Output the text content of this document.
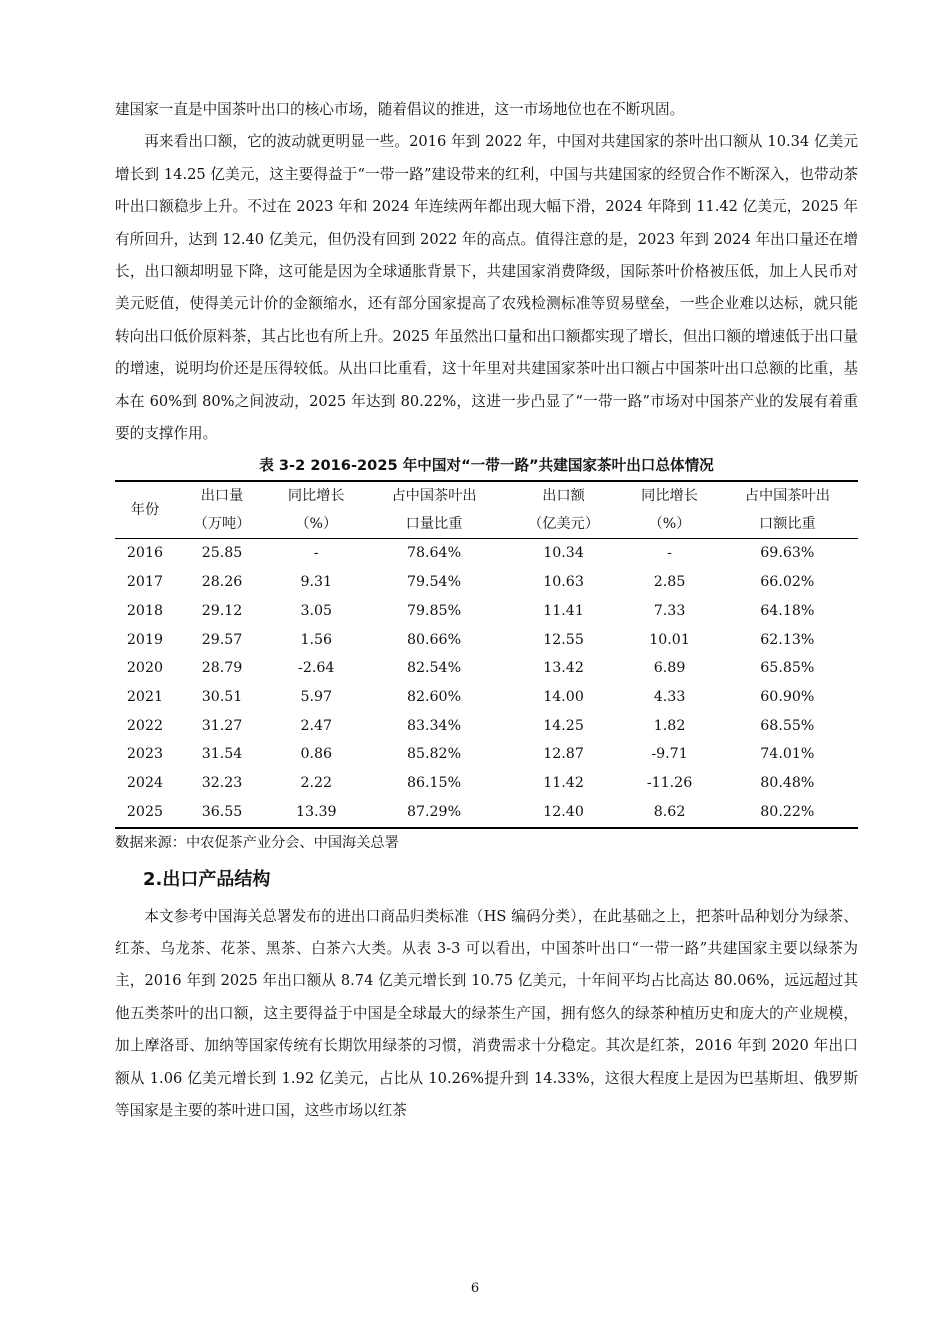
建国家一直是中国茶叶出口的核心市场，随着倡议的推进，这一市场地位也在不断巩固。

再来看出口额，它的波动就更明显一些。2016 年到 2022 年，中国对共建国家的茶叶出口额从 10.34 亿美元增长到 14.25 亿美元，这主要得益于“一带一路”建设带来的红利，中国与共建国家的经贸合作不断深入，也带动茶叶出口额稳步上升。不过在 2023 年和 2024 年连续两年都出现大幅下滑，2024 年降到 11.42 亿美元，2025 年有所回升，达到 12.40 亿美元，但仍没有回到 2022 年的高点。值得注意的是，2023 年到 2024 年出口量还在增长，出口额却明显下降，这可能是因为全球通胀背景下，共建国家消费降级，国际茶叶价格被压低，加上人民币对美元贬值，使得美元计价的金额缩水，还有部分国家提高了农残检测标准等贸易壁垒，一些企业难以达标，就只能转向出口低价原料茶，其占比也有所上升。2025 年虽然出口量和出口额都实现了增长，但出口额的增速低于出口量的增速，说明均价还是压得较低。从出口比重看，这十年里对共建国家茶叶出口额占中国茶叶出口总额的比重，基本在 60%到 80%之间波动，2025 年达到 80.22%，这进一步凸显了“一带一路”市场对中国茶产业的发展有着重要的支撑作用。

表 3-2 2016-2025 年中国对“一带一路”共建国家茶叶出口总体情况
年份	出口量	同比增长	占中国茶叶出	出口额	同比增长	占中国茶叶出
	（万吨）	（%）	口量比重	（亿美元）	（%）	口额比重
2016	25.85	-	78.64%	10.34	-	69.63%
2017	28.26	9.31	79.54%	10.63	2.85	66.02%
2018	29.12	3.05	79.85%	11.41	7.33	64.18%
2019	29.57	1.56	80.66%	12.55	10.01	62.13%
2020	28.79	-2.64	82.54%	13.42	6.89	65.85%
2021	30.51	5.97	82.60%	14.00	4.33	60.90%
2022	31.27	2.47	83.34%	14.25	1.82	68.55%
2023	31.54	0.86	85.82%	12.87	-9.71	74.01%
2024	32.23	2.22	86.15%	11.42	-11.26	80.48%
2025	36.55	13.39	87.29%	12.40	8.62	80.22%
数据来源：中农促茶产业分会、中国海关总署
2.出口产品结构

本文参考中国海关总署发布的进出口商品归类标准（HS 编码分类），在此基础之上，把茶叶品种划分为绿茶、红茶、乌龙茶、花茶、黑茶、白茶六大类。从表 3-3 可以看出，中国茶叶出口“一带一路”共建国家主要以绿茶为主，2016 年到 2025 年出口额从 8.74 亿美元增长到 10.75 亿美元，十年间平均占比高达 80.06%，远远超过其他五类茶叶的出口额，这主要得益于中国是全球最大的绿茶生产国，拥有悠久的绿茶种植历史和庞大的产业规模，加上摩洛哥、加纳等国家传统有长期饮用绿茶的习惯，消费需求十分稳定。其次是红茶，2016 年到 2020 年出口额从 1.06 亿美元增长到 1.92 亿美元，占比从 10.26%提升到 14.33%，这很大程度上是因为巴基斯坦、俄罗斯等国家是主要的茶叶进口国，这些市场以红茶

6
